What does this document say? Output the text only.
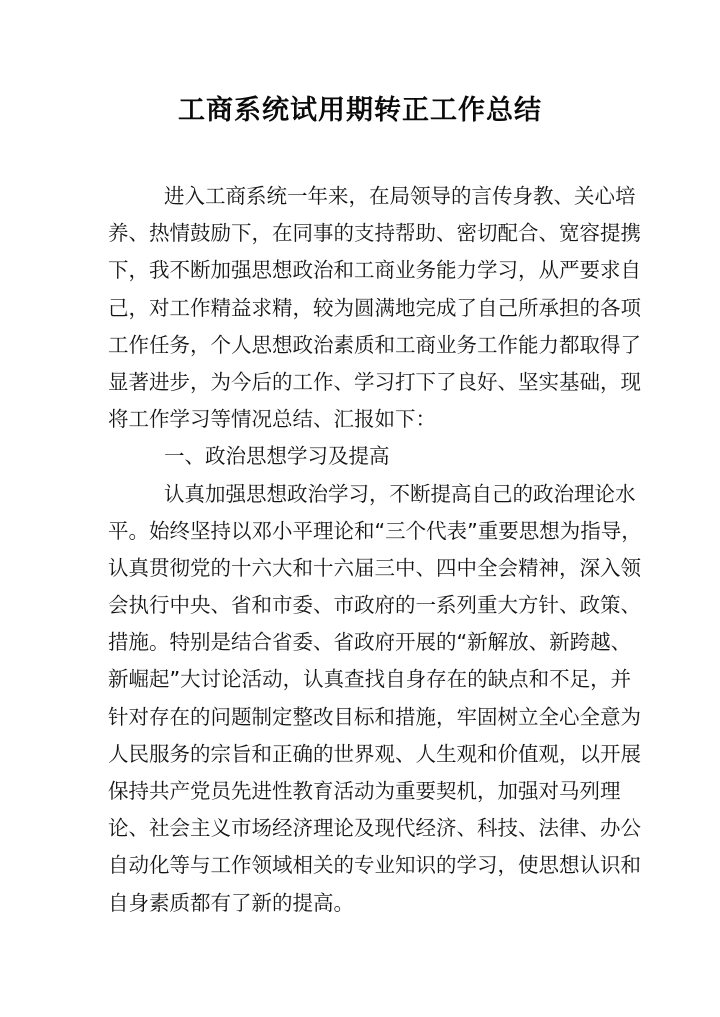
工商系统试用期转正工作总结
进入工商系统一年来，在局领导的言传身教、关心培
养、热情鼓励下，在同事的支持帮助、密切配合、宽容提携
下，我不断加强思想政治和工商业务能力学习，从严要求自
己，对工作精益求精，较为圆满地完成了自己所承担的各项
工作任务，个人思想政治素质和工商业务工作能力都取得了
显著进步，为今后的工作、学习打下了良好、坚实基础，现
将工作学习等情况总结、汇报如下：
一、政治思想学习及提高
认真加强思想政治学习，不断提高自己的政治理论水
平。始终坚持以邓小平理论和“三个代表”重要思想为指导，
认真贯彻党的十六大和十六届三中、四中全会精神，深入领
会执行中央、省和市委、市政府的一系列重大方针、政策、
措施。特别是结合省委、省政府开展的“新解放、新跨越、
新崛起”大讨论活动，认真查找自身存在的缺点和不足，并
针对存在的问题制定整改目标和措施，牢固树立全心全意为
人民服务的宗旨和正确的世界观、人生观和价值观，以开展
保持共产党员先进性教育活动为重要契机，加强对马列理
论、社会主义市场经济理论及现代经济、科技、法律、办公
自动化等与工作领域相关的专业知识的学习，使思想认识和
自身素质都有了新的提高。
